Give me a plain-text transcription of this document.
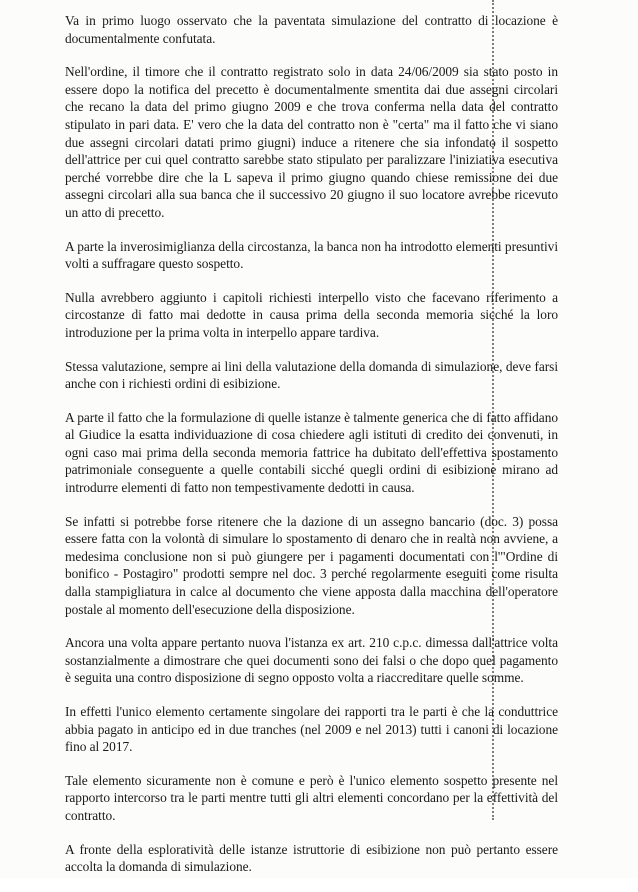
Va in primo luogo osservato che la paventata simulazione del contratto di locazione è documentalmente confutata.

Nell'ordine, il timore che il contratto registrato solo in data 24/06/2009 sia stato posto in essere dopo la notifica del precetto è documentalmente smentita dai due assegni circolari che recano la data del primo giugno 2009 e che trova conferma nella data del contratto stipulato in pari data. E' vero che la data del contratto non è "certa" ma il fatto che vi siano due assegni circolari datati primo giugni) induce a ritenere che sia infondato il sospetto dell'attrice per cui quel contratto sarebbe stato stipulato per paralizzare l'iniziativa esecutiva perché vorrebbe dire che la L sapeva il primo giugno quando chiese remissione dei due assegni circolari alla sua banca che il successivo 20 giugno il suo locatore avrebbe ricevuto un atto di precetto.

A parte la inverosimiglianza della circostanza, la banca non ha introdotto elementi presuntivi volti a suffragare questo sospetto.

Nulla avrebbero aggiunto i capitoli richiesti interpello visto che facevano riferimento a circostanze di fatto mai dedotte in causa prima della seconda memoria sicché la loro introduzione per la prima volta in interpello appare tardiva.

Stessa valutazione, sempre ai lini della valutazione della domanda di simulazione, deve farsi anche con i richiesti ordini di esibizione.

A parte il fatto che la formulazione di quelle istanze è talmente generica che di fatto affidano al Giudice la esatta individuazione di cosa chiedere agli istituti di credito dei convenuti, in ogni caso mai prima della seconda memoria fattrice ha dubitato dell'effettiva spostamento patrimoniale conseguente a quelle contabili sicché quegli ordini di esibizione mirano ad introdurre elementi di fatto non tempestivamente dedotti in causa.

Se infatti si potrebbe forse ritenere che la dazione di un assegno bancario (doc. 3) possa essere fatta con la volontà di simulare lo spostamento di denaro che in realtà non avviene, a medesima conclusione non si può giungere per i pagamenti documentati con l'"Ordine di bonifico - Postagiro" prodotti sempre nel doc. 3 perché regolarmente eseguiti come risulta dalla stampigliatura in calce al documento che viene apposta dalla macchina dell'operatore postale al momento dell'esecuzione della disposizione.

Ancora una volta appare pertanto nuova l'istanza ex art. 210 c.p.c. dimessa dall'attrice volta sostanzialmente a dimostrare che quei documenti sono dei falsi o che dopo quel pagamento è seguita una contro disposizione di segno opposto volta a riaccreditare quelle somme.

In effetti l'unico elemento certamente singolare dei rapporti tra le parti è che la conduttrice abbia pagato in anticipo ed in due tranches (nel 2009 e nel 2013) tutti i canoni di locazione fino al 2017.

Tale elemento sicuramente non è comune e però è l'unico elemento sospetto presente nel rapporto intercorso tra le parti mentre tutti gli altri elementi concordano per la effettività del contratto.

A fronte della esploratività delle istanze istruttorie di esibizione non può pertanto essere accolta la domanda di simulazione.
